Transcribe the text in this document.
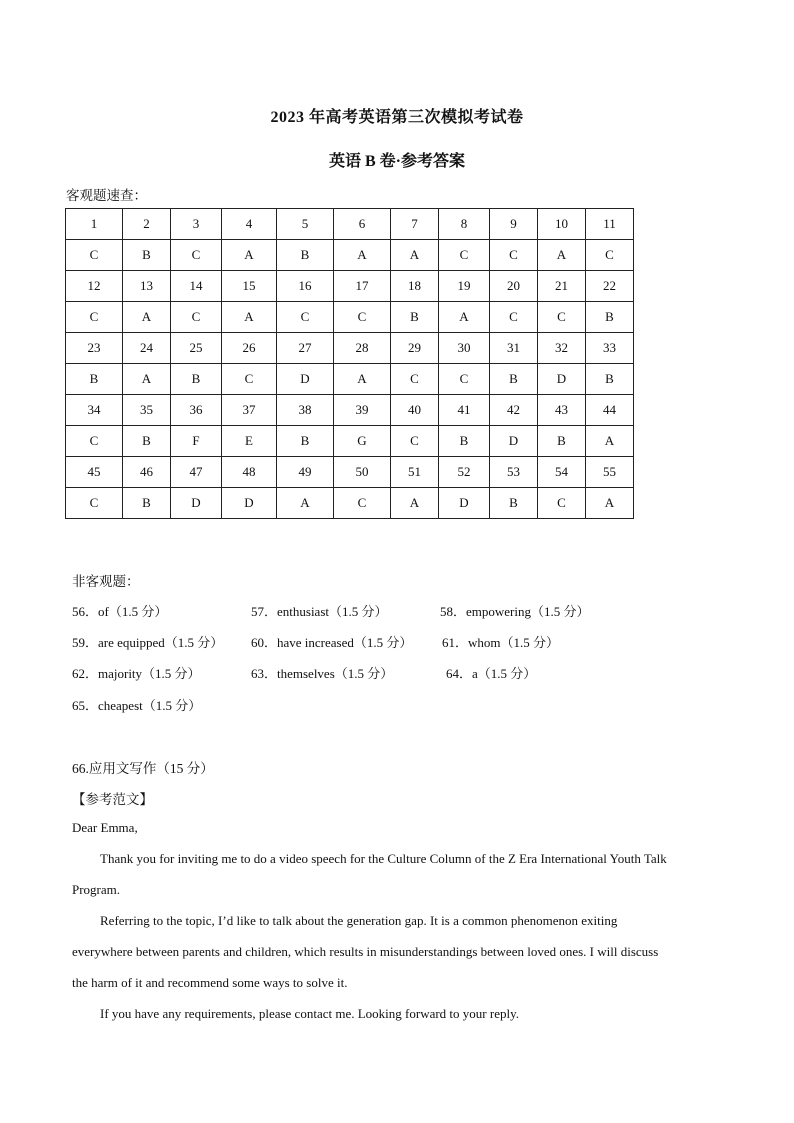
2023 年高考英语第三次模拟考试卷
英语 B 卷·参考答案
客观题速查：
1	2	3	4	5	6	7	8	9	10	11
C	B	C	A	B	A	A	C	C	A	C
12	13	14	15	16	17	18	19	20	21	22
C	A	C	A	C	C	B	A	C	C	B
23	24	25	26	27	28	29	30	31	32	33
B	A	B	C	D	A	C	C	B	D	B
34	35	36	37	38	39	40	41	42	43	44
C	B	F	E	B	G	C	B	D	B	A
45	46	47	48	49	50	51	52	53	54	55
C	B	D	D	A	C	A	D	B	C	A
非客观题：
56．of（1.5 分）	57．enthusiast（1.5 分）	58．empowering（1.5 分）
59．are equipped（1.5 分） 60．have increased（1.5 分） 61．whom（1.5 分）
62．majority（1.5 分）	63．themselves（1.5 分）	64．a（1.5 分）
65．cheapest（1.5 分）
66.应用文写作（15 分）
【参考范文】

Dear Emma,

Thank you for inviting me to do a video speech for the Culture Column of the Z Era International Youth Talk Program.

Referring to the topic, I’d like to talk about the generation gap. It is a common phenomenon exiting everywhere between parents and children, which results in misunderstandings between loved ones. I will discuss the harm of it and recommend some ways to solve it.

If you have any requirements, please contact me. Looking forward to your reply.
